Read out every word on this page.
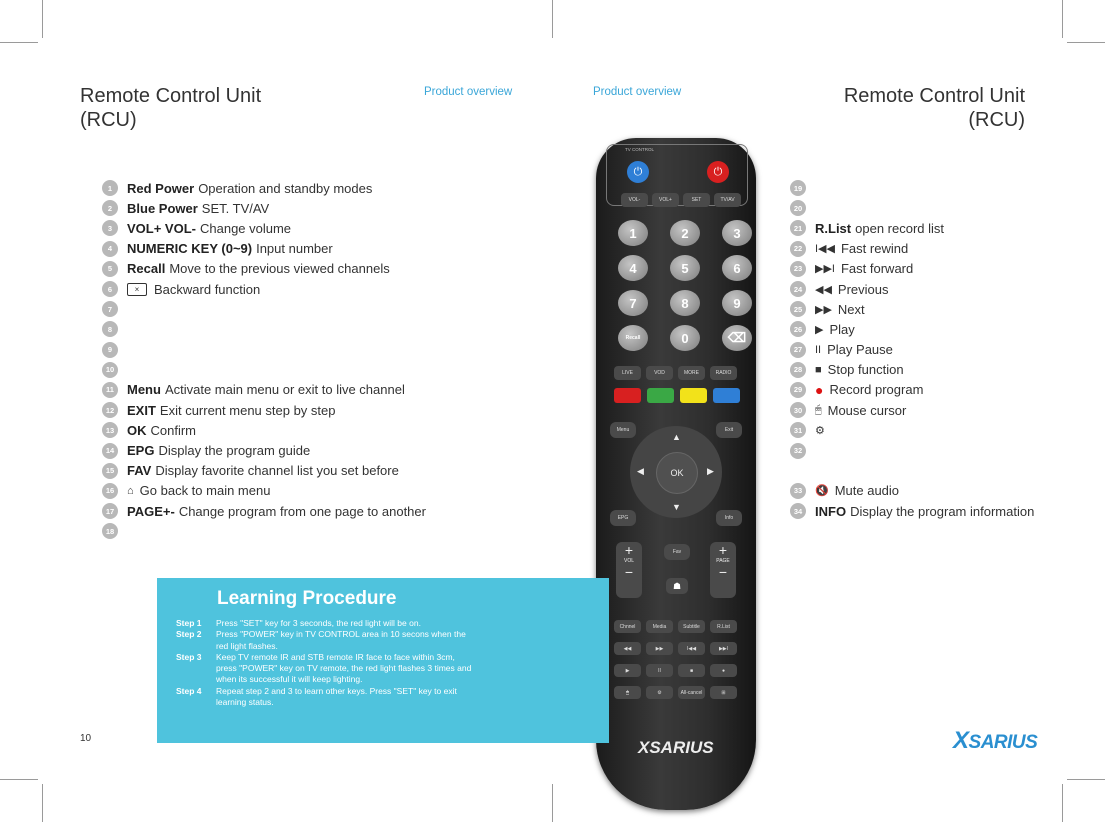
Remote Control Unit
(RCU)
Remote Control Unit
(RCU)
Product overview	Product overview
1	Red Power Operation and standby modes
2	Blue Power SET. TV/AV
3	VOL+ VOL- Change volume
4	NUMERIC KEY (0~9) Input number
5	Recall Move to the previous viewed channels
6	×	Backward function
7
8
9
10
11	Menu Activate main menu or exit to live channel
12 EXIT Exit current menu step by step
13 OK Confirm
14 EPG Display the program guide
15 FAV Display favorite channel list you set before
16	⌂ Go back to main menu
17 PAGE+- Change program from one page to another
18
19
20
21 R.List open record list
22	I◀◀ Fast rewind
23	▶▶I Fast forward
24	◀◀ Previous
25	▶▶ Next
26	▶ Play
27	II Play Pause
28	■ Stop function
29 ● Record program
30	🖱 Mouse cursor
31	⚙
32
33	🔇 Mute audio
34 INFO Display the program information
TV CONTROL
⏻	⏻
VOL-	VOL+	SET	TV/AV
1	2	3
4	5	6
7	8	9
Recall	0	⌫
LIVE	VOD	MORE	RADIO
Menu	Exit
OK
▲
▼
◀	▶
EPG	Info
+
VOL
−
Fav
☗
+
PAGE
−
Chnnel	Media	Subtitle	R.List
◀◀	▶▶	I◀◀	▶▶I
▶	II	■	●
🖱	⚙	All-cancel	⊞
XSARIUS
Learning Procedure
Step 1	Press "SET" key for 3 seconds, the red light will be on.
Step 2	Press "POWER" key in TV CONTROL area in 10 secons when the red light flashes.
Step 3	Keep TV remote IR and STB remote IR face to face within 3cm, press "POWER" key on TV remote, the red light flashes 3 times and when its successful it will keep lighting.
Step 4	Repeat step 2 and 3 to learn other keys. Press "SET" key to exit learning status.
10	XSARIUS
